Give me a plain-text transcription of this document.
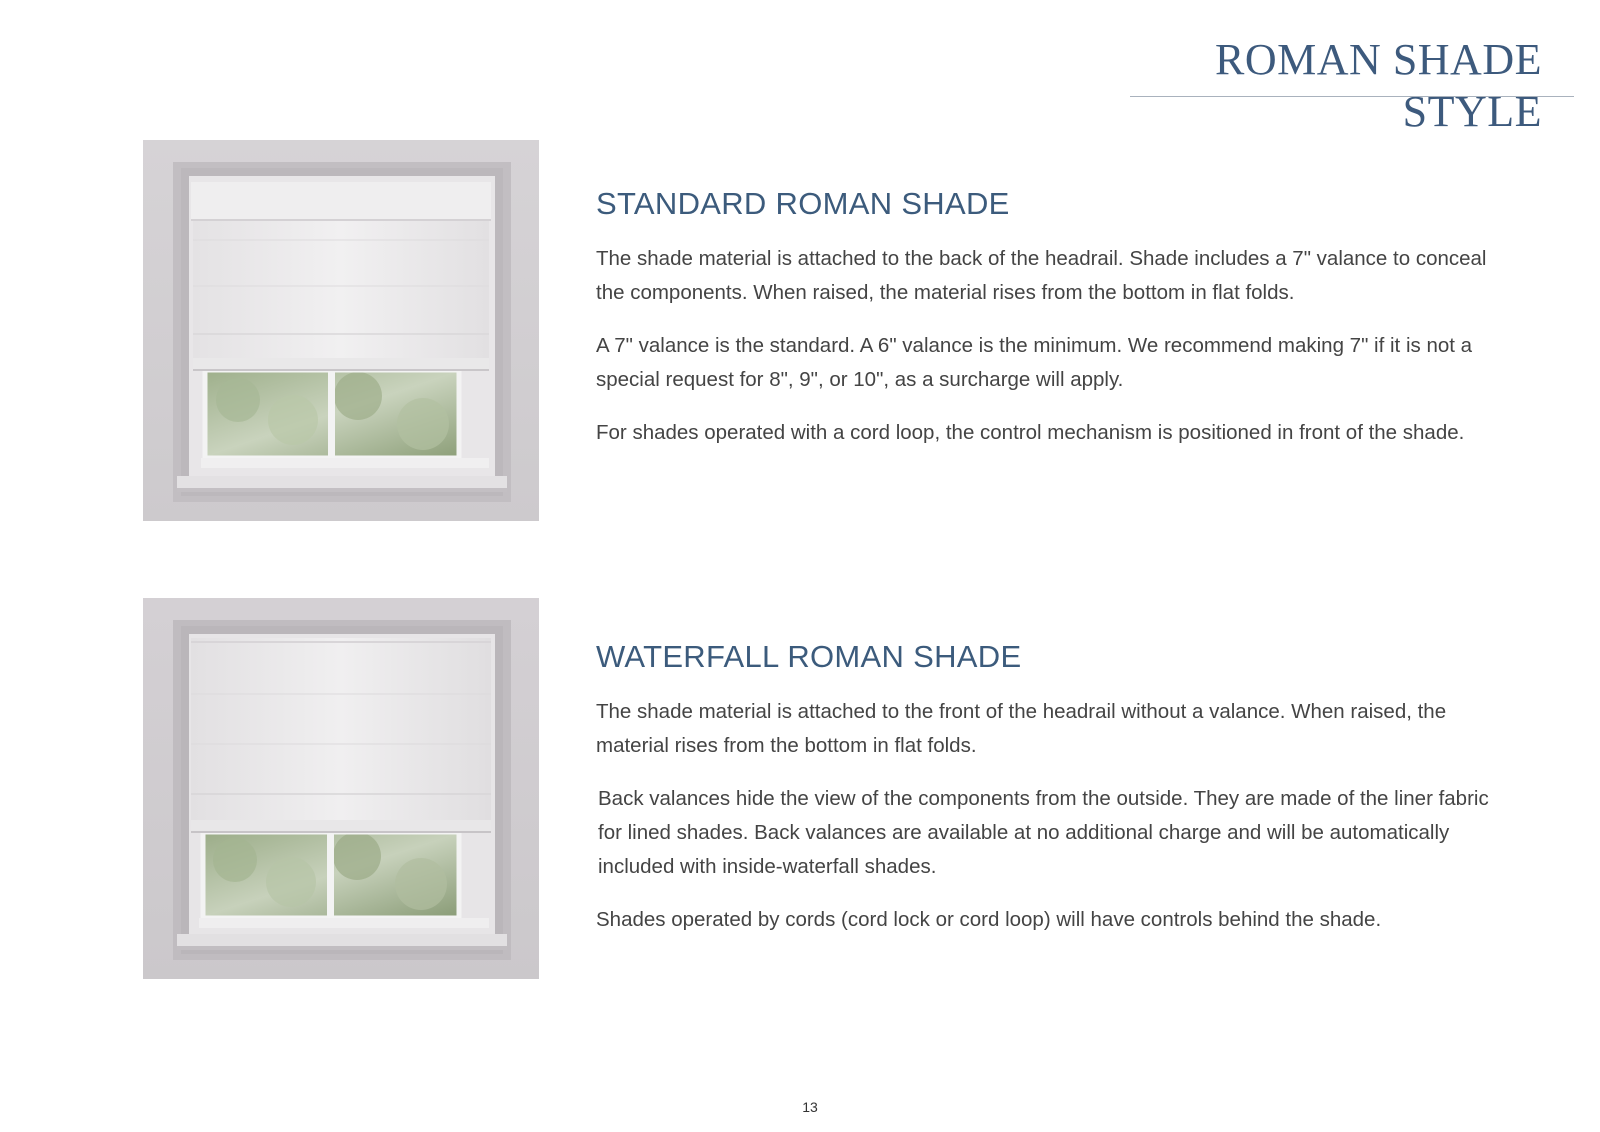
ROMAN SHADE STYLE
STANDARD ROMAN SHADE

The shade material is attached to the back of the headrail. Shade includes a 7" valance to conceal the components. When raised, the material rises from the bottom in flat folds.

A 7" valance is the standard. A 6" valance is the minimum. We recommend making 7" if it is not a special request for 8", 9", or 10", as a surcharge will apply.

For shades operated with a cord loop, the control mechanism is positioned in front of the shade.

WATERFALL ROMAN SHADE

The shade material is attached to the front of the headrail without a valance. When raised, the material rises from the bottom in flat folds.

Back valances hide the view of the components from the outside. They are made of the liner fabric for lined shades. Back valances are available at no additional charge and will be automatically included with inside-waterfall shades.

Shades operated by cords (cord lock or cord loop) will have controls behind the shade.

13
